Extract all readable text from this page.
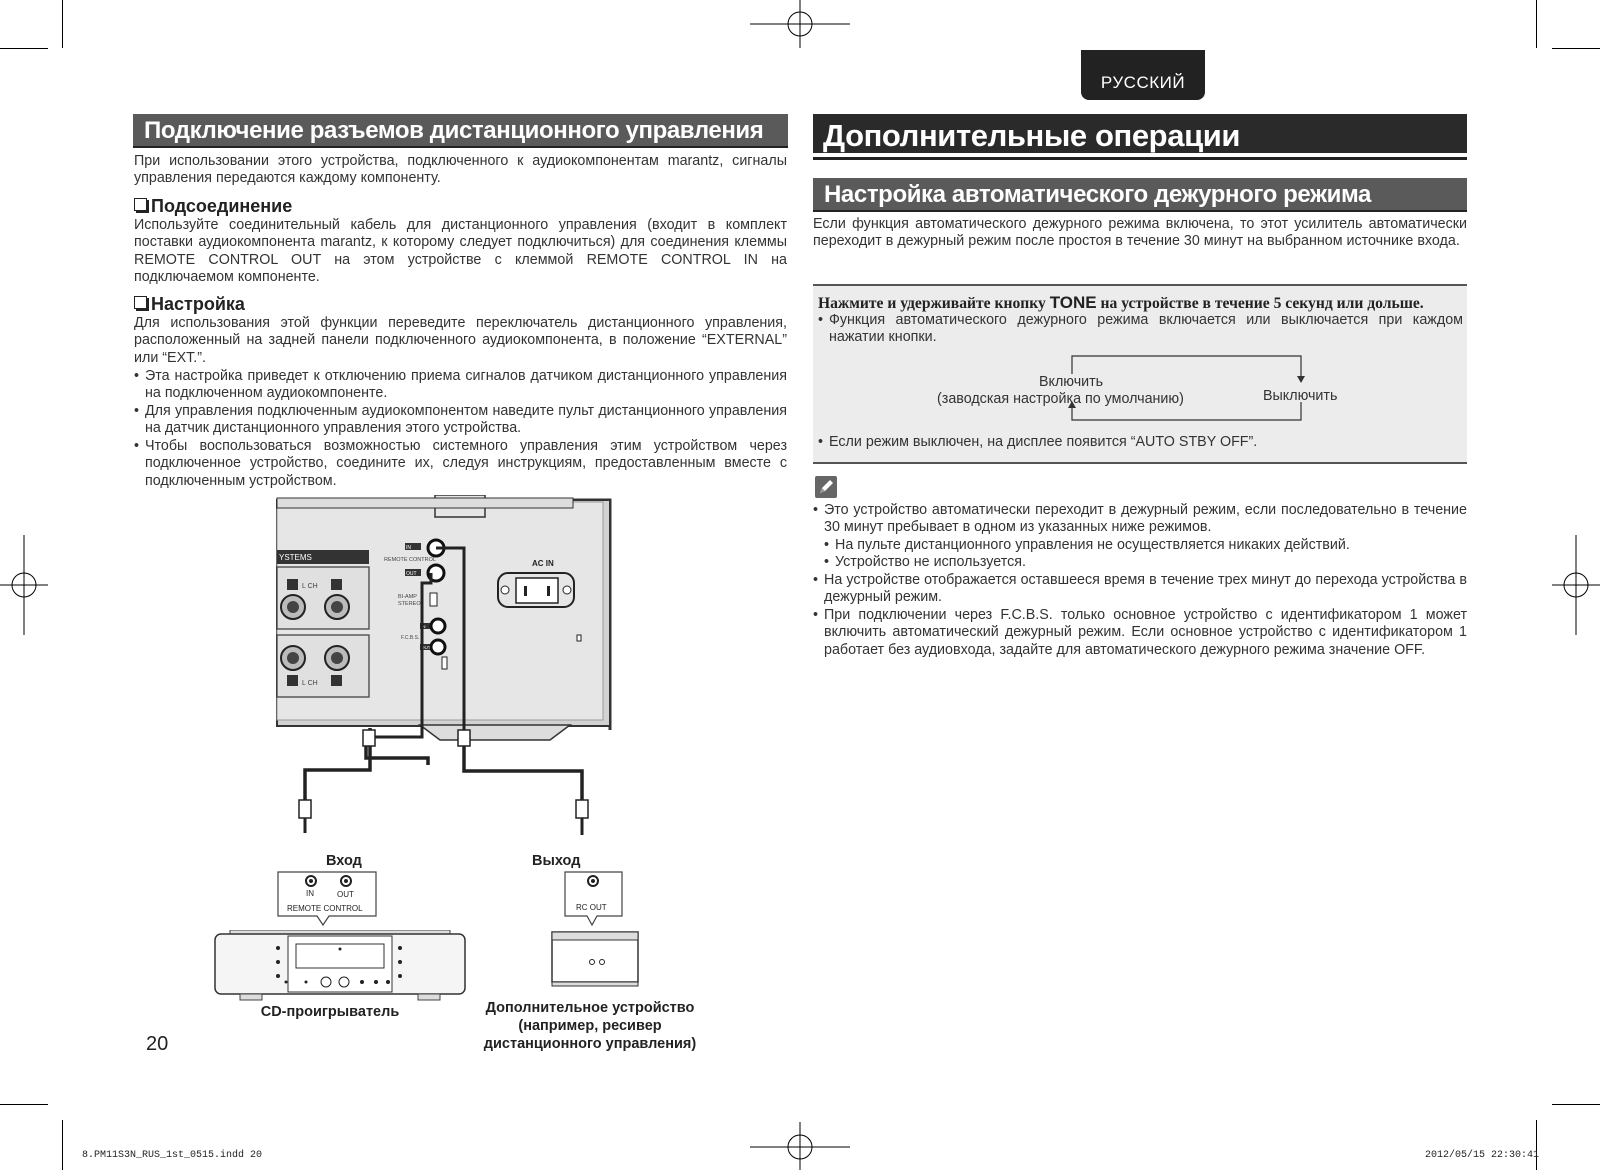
РУССКИЙ
Подключение разъемов дистанционного управления
При использовании этого устройства, подключенного к аудиокомпонентам marantz, сигналы управления передаются каждому компоненту.
Подсоединение
Используйте соединительный кабель для дистанционного управления (входит в комплект поставки аудиокомпонента marantz, к которому следует подключиться) для соединения клеммы REMOTE CONTROL OUT на этом устройстве с клеммой REMOTE CONTROL IN на подключаемом компоненте.
Настройка
Для использования этой функции переведите переключатель дистанционного управления, расположенный на задней панели подключенного аудиокомпонента, в положение “EXTERNAL” или “EXT.”.
• Эта настройка приведет к отключению приема сигналов датчиком дистанционного управления на подключенном аудиокомпоненте.
• Для управления подключенным аудиокомпонентом наведите пульт дистанционного управления на датчик дистанционного управления этого устройства.
• Чтобы воспользоваться возможностью системного управления этим устройством через подключенное устройство, соедините их, следуя инструкциям, предоставленным вместе с подключенным устройством.
YSTEMS
L CH
L CH
IN
OUT
REMOTE CONTROL
BI-AMP
STEREO
IN
F.C.B.S.
OUT
AC IN
Вход	Выход
IN	OUT
REMOTE CONTROL	RC OUT
CD-проигрыватель	Дополнительное устройство
(например, ресивер
дистанционного управления)
20
Дополнительные операции
Настройка автоматического дежурного режима
Если функция автоматического дежурного режима включена, то этот усилитель автоматически переходит в дежурный режим после простоя в течение 30 минут на выбранном источнике входа.
Нажмите и удерживайте кнопку TONE на устройстве в течение 5 секунд или дольше.
• Функция автоматического дежурного режима включается или выключается при каждом нажатии кнопки.
Включить
(заводская настройка по умолчанию)	Выключить
• Если режим выключен, на дисплее появится “AUTO STBY OFF”.
• Это устройство автоматически переходит в дежурный режим, если последовательно в течение 30 минут пребывает в одном из указанных ниже режимов.
• На пульте дистанционного управления не осуществляется никаких действий.
• Устройство не используется.
• На устройстве отображается оставшееся время в течение трех минут до перехода устройства в дежурный режим.
• При подключении через F.C.B.S. только основное устройство с идентификатором 1 может включить автоматический дежурный режим. Если основное устройство с идентификатором 1 работает без аудиовхода, задайте для автоматического дежурного режима значение OFF.
8.PM11S3N_RUS_1st_0515.indd 20	2012/05/15 22:30:41
